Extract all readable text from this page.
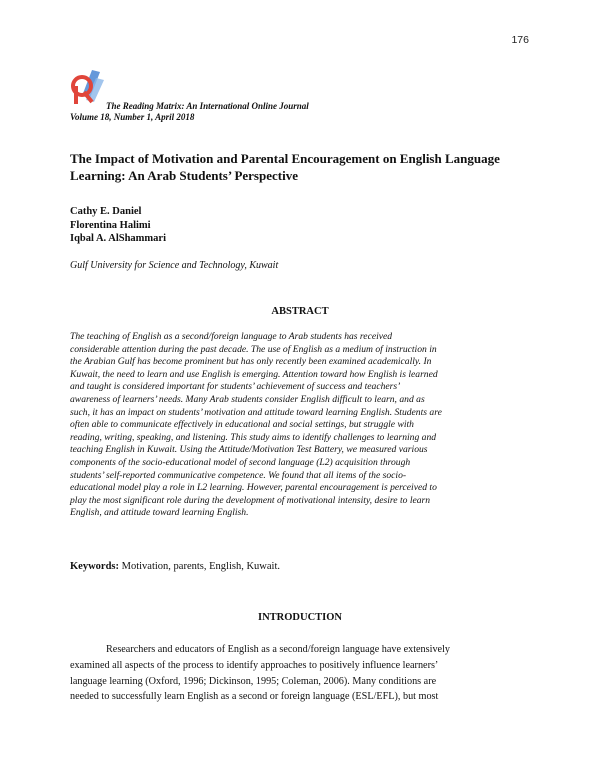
176
The Reading Matrix: An International Online Journal
Volume 18, Number 1, April 2018
The Impact of Motivation and Parental Encouragement on English Language
Learning: An Arab Students’ Perspective
Cathy E. Daniel
Florentina Halimi
Iqbal A. AlShammari
Gulf University for Science and Technology, Kuwait
ABSTRACT
The teaching of English as a second/foreign language to Arab students has received
considerable attention during the past decade. The use of English as a medium of instruction in
the Arabian Gulf has become prominent but has only recently been examined academically. In
Kuwait, the need to learn and use English is emerging. Attention toward how English is learned
and taught is considered important for students’ achievement of success and teachers’
awareness of learners’ needs. Many Arab students consider English difficult to learn, and as
such, it has an impact on students’ motivation and attitude toward learning English. Students are
often able to communicate effectively in educational and social settings, but struggle with
reading, writing, speaking, and listening. This study aims to identify challenges to learning and
teaching English in Kuwait. Using the Attitude/Motivation Test Battery, we measured various
components of the socio-educational model of second language (L2) acquisition through
students’ self-reported communicative competence. We found that all items of the socio-
educational model play a role in L2 learning. However, parental encouragement is perceived to
play the most significant role during the development of motivational intensity, desire to learn
English, and attitude toward learning English.
Keywords: Motivation, parents, English, Kuwait.
INTRODUCTION
Researchers and educators of English as a second/foreign language have extensively
examined all aspects of the process to identify approaches to positively influence learners’
language learning (Oxford, 1996; Dickinson, 1995; Coleman, 2006). Many conditions are
needed to successfully learn English as a second or foreign language (ESL/EFL), but most
